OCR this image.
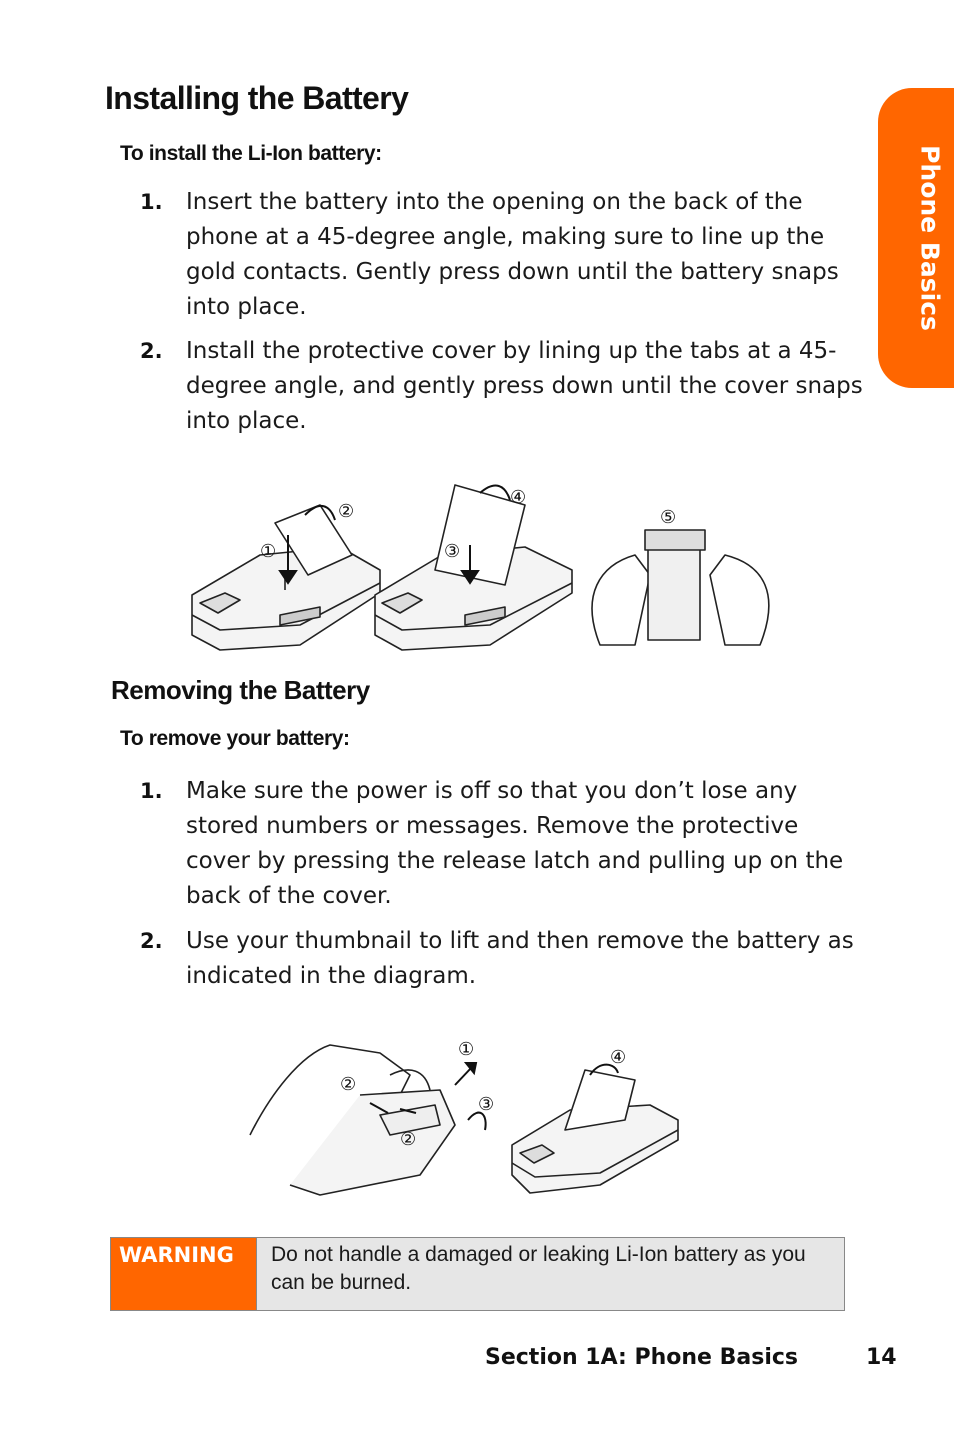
Phone Basics
Installing the Battery
To install the Li-Ion battery:
1.	Insert the battery into the opening on the back of the phone at a 45-degree angle, making sure to line up the gold contacts. Gently press down until the battery snaps into place.
2.	Install the protective cover by lining up the tabs at a 45-degree angle, and gently press down until the cover snaps into place.
①
②
③
④
⑤
Removing the Battery
To remove your battery:
1.	Make sure the power is off so that you don’t lose any stored numbers or messages. Remove the protective cover by pressing the release latch and pulling up on the back of the cover.
2.	Use your thumbnail to lift and then remove the battery as indicated in the diagram.
①
②
②
③
④
WARNING	Do not handle a damaged or leaking Li-Ion battery as you can be burned.
Section 1A: Phone Basics	14
